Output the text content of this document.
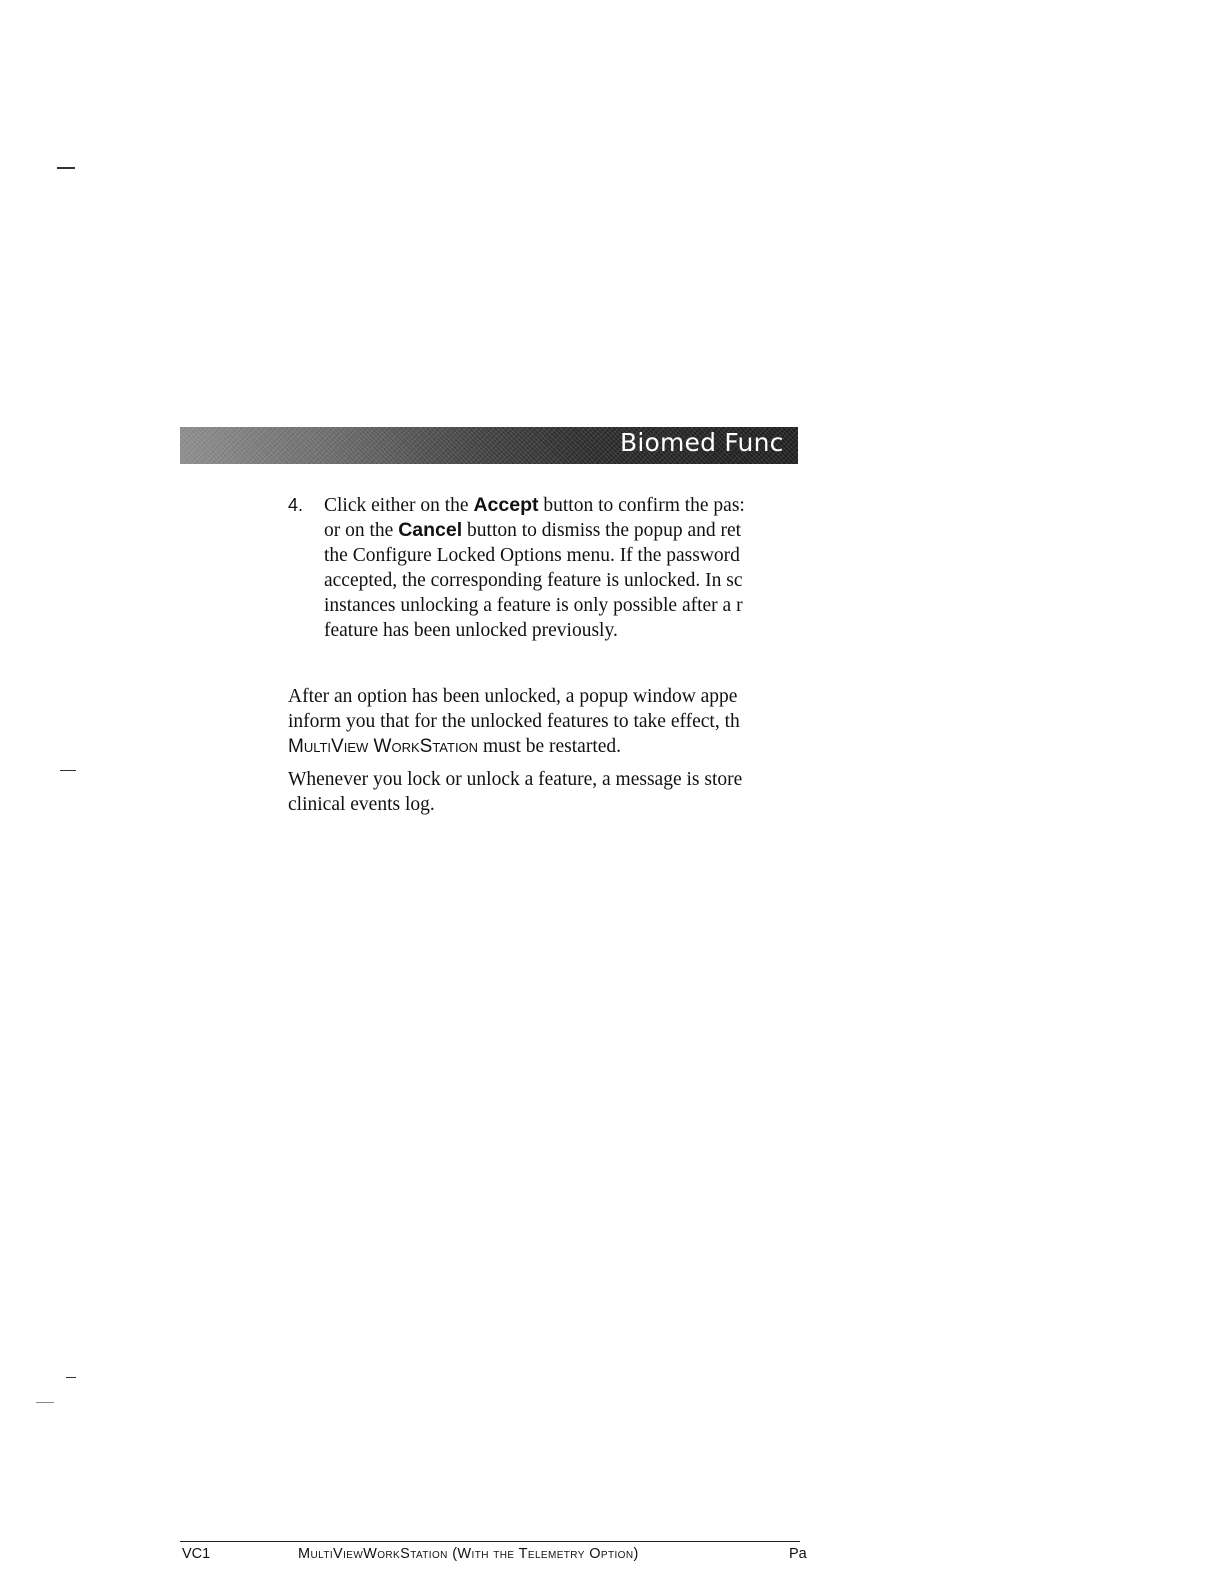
Biomed Func
4.	Click either on the Accept button to confirm the pas:
or on the Cancel button to dismiss the popup and ret
the Configure Locked Options menu. If the password
accepted, the corresponding feature is unlocked. In sc
instances unlocking a feature is only possible after a r
feature has been unlocked previously.
After an option has been unlocked, a popup window appe
inform you that for the unlocked features to take effect, th
MultiView WorkStation must be restarted.
Whenever you lock or unlock a feature, a message is store
clinical events log.
VC1	MultiViewWorkStation (With the Telemetry Option)	Pa
